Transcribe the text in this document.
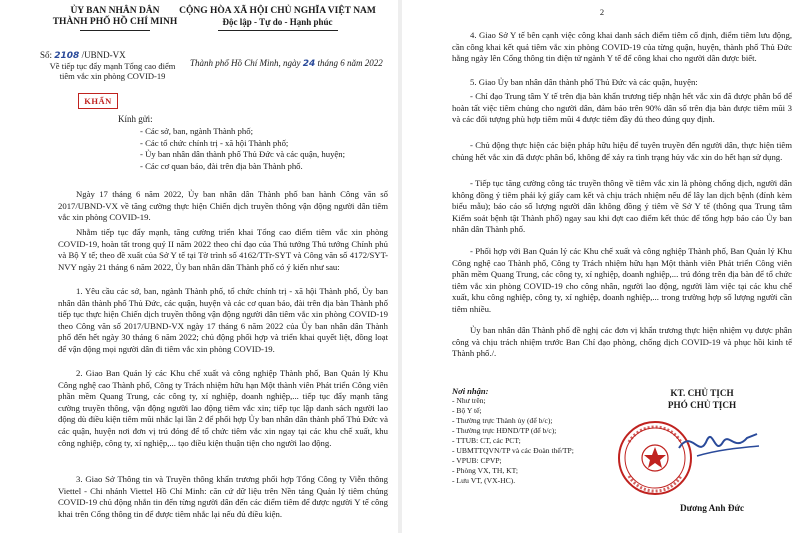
ỦY BAN NHÂN DÂN
THÀNH PHỐ HỒ CHÍ MINH
CỘNG HÒA XÃ HỘI CHỦ NGHĨA VIỆT NAM
Độc lập - Tự do - Hạnh phúc
Số: 2108 /UBND-VX
Về tiếp tục đẩy mạnh Tổng cao điểm
tiêm vắc xin phòng COVID-19
Thành phố Hồ Chí Minh, ngày 24 tháng 6 năm 2022
KHẨN
Kính gửi:
- Các sở, ban, ngành Thành phố;
- Các tổ chức chính trị - xã hội Thành phố;
- Ủy ban nhân dân thành phố Thủ Đức và các quận, huyện;
- Các cơ quan báo, đài trên địa bàn Thành phố.

Ngày 17 tháng 6 năm 2022, Ủy ban nhân dân Thành phố ban hành Công văn số 2017/UBND-VX về tăng cường thực hiện Chiến dịch truyền thông vận động người dân tiêm vắc xin phòng COVID-19.

Nhằm tiếp tục đẩy mạnh, tăng cường triển khai Tổng cao điểm tiêm vắc xin phòng COVID-19, hoàn tất trong quý II năm 2022 theo chỉ đạo của Thủ tướng Thủ tướng Chính phủ và Bộ Y tế; theo đề xuất của Sở Y tế tại Tờ trình số 4162/TTr-SYT và Công văn số 4172/SYT-NVY ngày 21 tháng 6 năm 2022, Ủy ban nhân dân Thành phố có ý kiến như sau:

1. Yêu cầu các sở, ban, ngành Thành phố, tổ chức chính trị - xã hội Thành phố, Ủy ban nhân dân thành phố Thủ Đức, các quận, huyện và các cơ quan báo, đài trên địa bàn Thành phố tiếp tục thực hiện Chiến dịch truyền thông vận động người dân tiêm vắc xin phòng COVID-19 theo Công văn số 2017/UBND-VX ngày 17 tháng 6 năm 2022 của Ủy ban nhân dân Thành phố đến hết ngày 30 tháng 6 năm 2022; chủ động phối hợp và triển khai quyết liệt, đồng loạt để vận động mọi người dân đi tiêm vắc xin phòng COVID-19.

2. Giao Ban Quản lý các Khu chế xuất và công nghiệp Thành phố, Ban Quản lý Khu Công nghệ cao Thành phố, Công ty Trách nhiệm hữu hạn Một thành viên Phát triển Công viên phần mềm Quang Trung, các công ty, xí nghiệp, doanh nghiệp,... tiếp tục đẩy mạnh tăng cường truyền thông, vận động người lao động tiêm vắc xin; tiếp tục lập danh sách người lao động dù điều kiện tiêm mũi nhắc lại lần 2 để phối hợp Ủy ban nhân dân thành phố Thủ Đức và các quận, huyện nơi đơn vị trú đóng để tổ chức tiêm vắc xin ngay tại các khu chế xuất, khu công nghiệp, công ty, xí nghiệp,... tạo điều kiện thuận tiện cho người lao động.

3. Giao Sở Thông tin và Truyền thông khẩn trương phối hợp Tổng Công ty Viễn thông Viettel - Chi nhánh Viettel Hồ Chí Minh: căn cứ dữ liệu trên Nền tảng Quản lý tiêm chủng COVID-19 chủ động nhắn tin đến từng người dân đến các điểm tiêm để được người Y tế công khai trên Cổng thông tin để được tiêm nhắc lại nếu đủ điều kiện.

2

4. Giao Sở Y tế bên cạnh việc công khai danh sách điểm tiêm cố định, điểm tiêm lưu động, cần công khai kết quả tiêm vắc xin phòng COVID-19 của từng quận, huyện, thành phố Thủ Đức hằng ngày lên Cổng thông tin điện tử ngành Y tế để công khai cho người dân được biết.

5. Giao Ủy ban nhân dân thành phố Thủ Đức và các quận, huyện:

- Chỉ đạo Trung tâm Y tế trên địa bàn khẩn trương tiếp nhận hết vắc xin đã được phân bổ để hoàn tất việc tiêm chủng cho người dân, đảm bảo trên 90% dân số trên địa bàn được tiêm mũi 3 và các đối tượng phù hợp tiêm mũi 4 được tiêm đầy đủ theo đúng quy định.

- Chủ động thực hiện các biện pháp hữu hiệu để tuyên truyền đến người dân, thực hiện tiêm chủng hết vắc xin đã được phân bổ, không để xảy ra tình trạng hủy vắc xin do hết hạn sử dụng.

- Tiếp tục tăng cường công tác truyền thông về tiêm vắc xin là phòng chống dịch, người dân không đồng ý tiêm phải ký giấy cam kết và chịu trách nhiệm nếu để lây lan dịch bệnh (đính kèm biểu mẫu); báo cáo số lượng người dân không đồng ý tiêm về Sở Y tế (thông qua Trung tâm Kiểm soát bệnh tật Thành phố) ngay sau khi đợt cao điểm kết thúc để tổng hợp báo cáo Ủy ban nhân dân Thành phố.

- Phối hợp với Ban Quản lý các Khu chế xuất và công nghiệp Thành phố, Ban Quản lý Khu Công nghệ cao Thành phố, Công ty Trách nhiệm hữu hạn Một thành viên Phát triển Công viên phần mềm Quang Trung, các công ty, xí nghiệp, doanh nghiệp,... trú đóng trên địa bàn để tổ chức tiêm vắc xin phòng COVID-19 cho công nhân, người lao động, người làm việc tại các khu chế xuất, khu công nghiệp, công ty, xí nghiệp, doanh nghiệp,... trong trường hợp số lượng người cần tiêm nhiều.

Ủy ban nhân dân Thành phố đề nghị các đơn vị khẩn trương thực hiện nhiệm vụ được phân công và chịu trách nhiệm trước Ban Chỉ đạo phòng, chống dịch COVID-19 và phục hồi kinh tế Thành phố./.

Nơi nhận:
- Như trên;
- Bộ Y tế;
- Thường trực Thành ủy (để b/c);
- Thường trực HĐND/TP (để b/c);
- TTUB: CT, các PCT;
- UBMTTQVN/TP và các Đoàn thể/TP;
- VPUB: CPVP;
- Phòng VX, TH, KT;
- Lưu VT, (VX-HC).
KT. CHỦ TỊCH
PHÓ CHỦ TỊCH
Dương Anh Đức
